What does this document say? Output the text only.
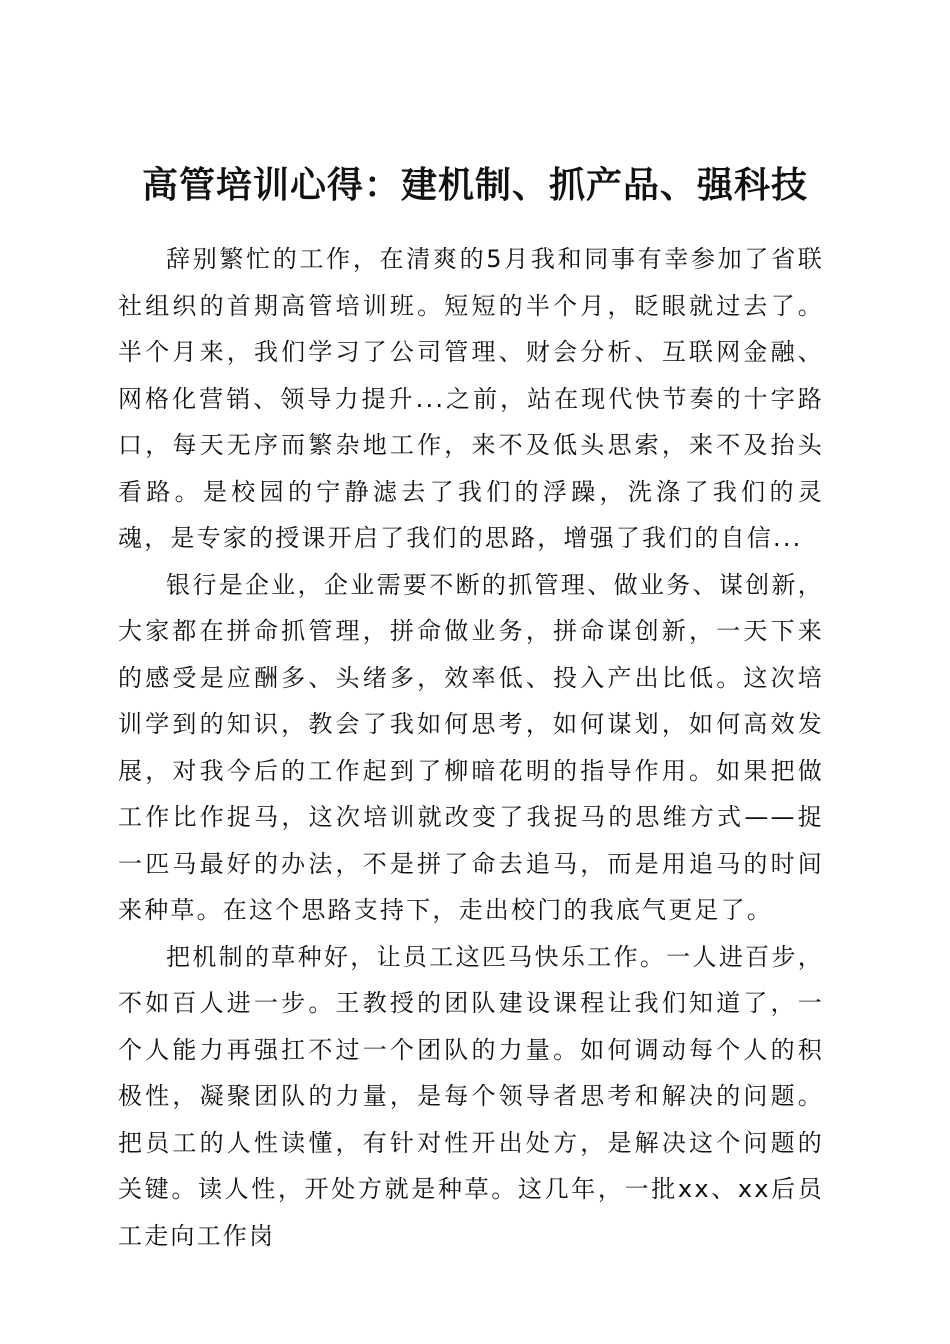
高管培训心得：建机制、抓产品、强科技

辞别繁忙的工作，在清爽的5月我和同事有幸参加了省联社组织的首期高管培训班。短短的半个月，眨眼就过去了。半个月来，我们学习了公司管理、财会分析、互联网金融、网格化营销、领导力提升...之前，站在现代快节奏的十字路口，每天无序而繁杂地工作，来不及低头思索，来不及抬头看路。是校园的宁静滤去了我们的浮躁，洗涤了我们的灵魂，是专家的授课开启了我们的思路，增强了我们的自信...

银行是企业，企业需要不断的抓管理、做业务、谋创新，大家都在拼命抓管理，拼命做业务，拼命谋创新，一天下来的感受是应酬多、头绪多，效率低、投入产出比低。这次培训学到的知识，教会了我如何思考，如何谋划，如何高效发展，对我今后的工作起到了柳暗花明的指导作用。如果把做工作比作捉马，这次培训就改变了我捉马的思维方式——捉一匹马最好的办法，不是拼了命去追马，而是用追马的时间来种草。在这个思路支持下，走出校门的我底气更足了。

把机制的草种好，让员工这匹马快乐工作。一人进百步，不如百人进一步。王教授的团队建设课程让我们知道了，一个人能力再强扛不过一个团队的力量。如何调动每个人的积极性，凝聚团队的力量，是每个领导者思考和解决的问题。把员工的人性读懂，有针对性开出处方，是解决这个问题的关键。读人性，开处方就是种草。这几年，一批xx、xx后员工走向工作岗
